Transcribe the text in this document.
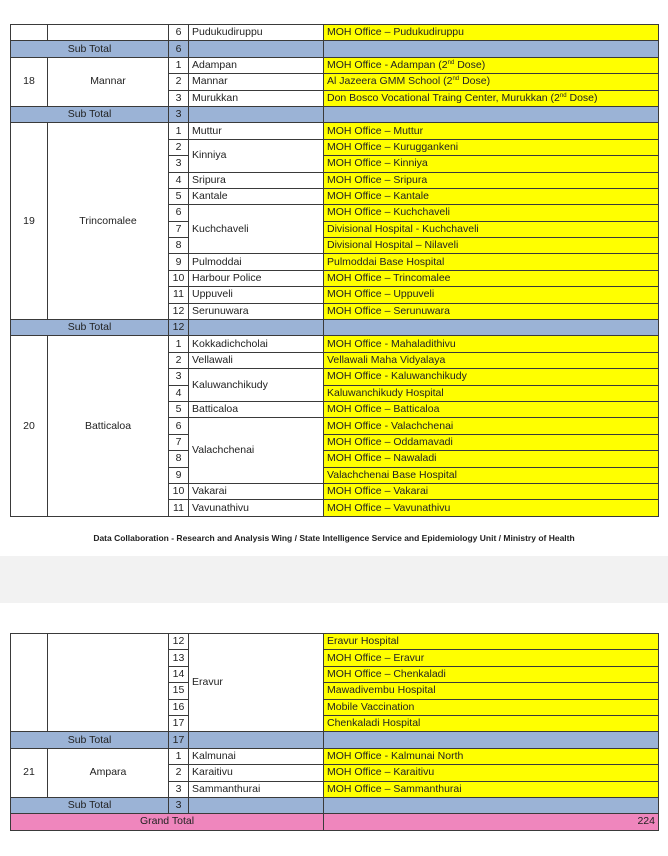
		6	Pudukudiruppu	MOH Office – Pudukudiruppu
Sub Total		6		
18	Mannar	1	Adampan	MOH Office - Adampan (2nd Dose)
		2	Mannar	Al Jazeera GMM School (2nd Dose)
		3	Murukkan	Don Bosco Vocational Traing Center, Murukkan (2nd Dose)
Sub Total		3		
19	Trincomalee	1	Muttur	MOH Office – Muttur
		2	Kinniya	MOH Office – Kuruggankeni
		3		MOH Office – Kinniya
		4	Sripura	MOH Office – Sripura
		5	Kantale	MOH Office – Kantale
		6	Kuchchaveli	MOH Office – Kuchchaveli
		7		Divisional Hospital - Kuchchaveli
		8		Divisional Hospital – Nilaveli
		9	Pulmoddai	Pulmoddai Base Hospital
		10	Harbour Police	MOH Office – Trincomalee
		11	Uppuveli	MOH Office – Uppuveli
		12	Serunuwara	MOH Office – Serunuwara
Sub Total		12		
20	Batticaloa	1	Kokkadichcholai	MOH Office - Mahaladithivu
		2	Vellawali	Vellawali Maha Vidyalaya
		3	Kaluwanchikudy	MOH Office - Kaluwanchikudy
		4		Kaluwanchikudy Hospital
		5	Batticaloa	MOH Office – Batticaloa
		6	Valachchenai	MOH Office - Valachchenai
		7		MOH Office – Oddamavadi
		8		MOH Office – Nawaladi
		9		Valachchenai Base Hospital
		10	Vakarai	MOH Office – Vakarai
		11	Vavunathivu	MOH Office – Vavunathivu
Data Collaboration - Research and Analysis Wing / State Intelligence Service and Epidemiology Unit / Ministry of Health
		12	Eravur	Eravur Hospital
		13		MOH Office – Eravur
		14		MOH Office – Chenkaladi
		15		Mawadivembu Hospital
		16		Mobile Vaccination
		17		Chenkaladi Hospital
Sub Total		17		
21	Ampara	1	Kalmunai	MOH Office - Kalmunai North
		2	Karaitivu	MOH Office – Karaitivu
		3	Sammanthurai	MOH Office – Sammanthurai
Sub Total		3		
Grand Total				224
